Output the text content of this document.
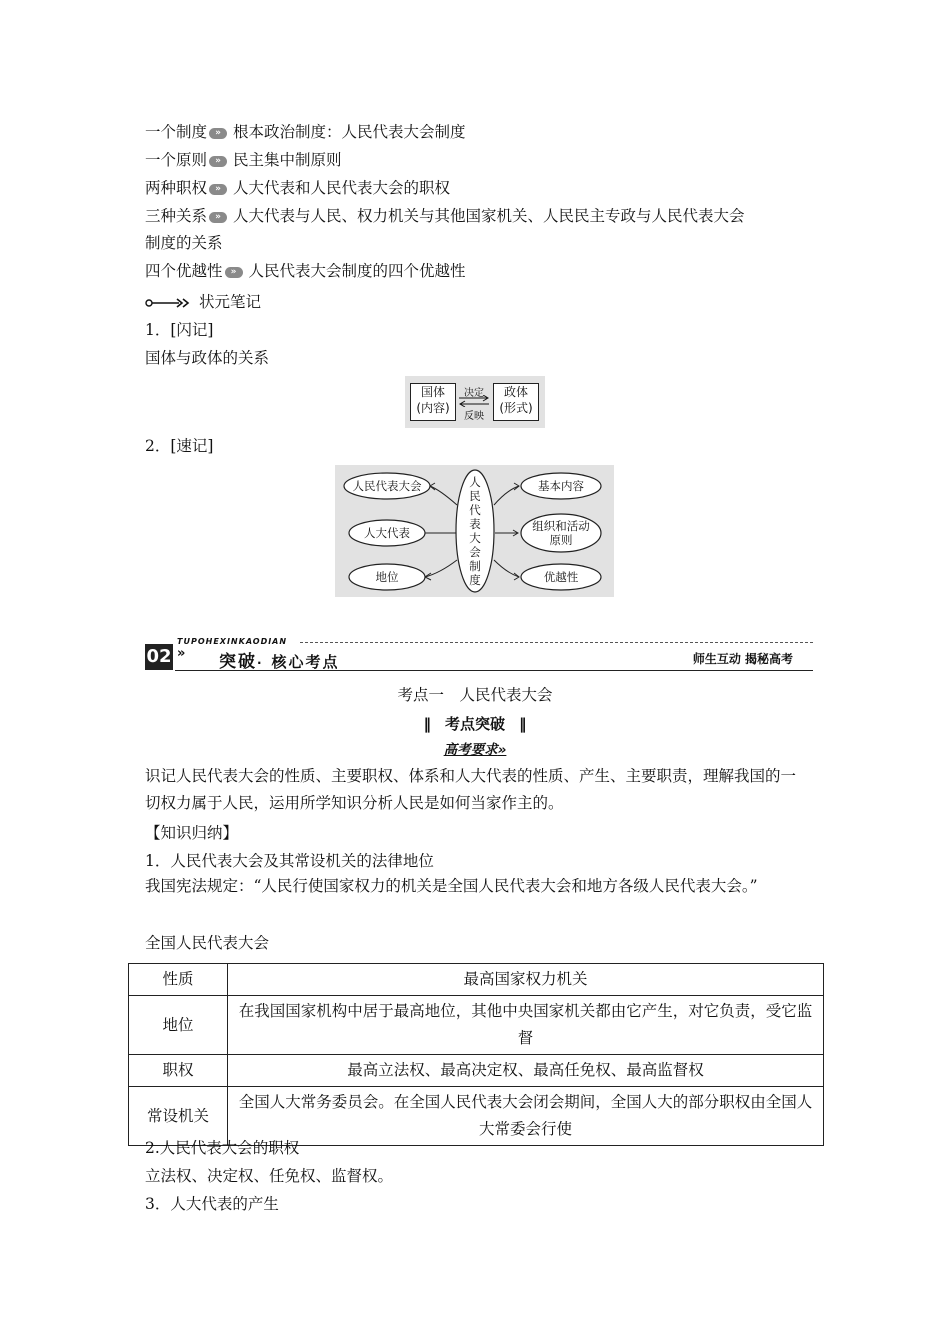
一个制度 » 根本政治制度：人民代表大会制度
一个原则 » 民主集中制原则
两种职权 » 人大代表和人民代表大会的职权
三种关系 » 人大代表与人民、权力机关与其他国家机关、人民民主专政与人民代表大会
制度的关系
四个优越性 » 人民代表大会制度的四个优越性
状元笔记
1．[闪记]
国体与政体的关系
国体
(内容)
决定
反映
政体
(形式)
2．[速记]
人民代表大会
人大代表
地位
人
民
代
表
大
会
制
度
基本内容
组织和活动原则
优越性
02 »
TUPOHEXINKAODIAN
突破· 核心考点	师生互动 揭秘高考
考点一　人民代表大会
‖ 考点突破 ‖
高考要求»
识记人民代表大会的性质、主要职权、体系和人大代表的性质、产生、主要职责，理解我国的一切权力属于人民，运用所学知识分析人民是如何当家作主的。
【知识归纳】
1．人民代表大会及其常设机关的法律地位
我国宪法规定：“人民行使国家权力的机关是全国人民代表大会和地方各级人民代表大会。”
全国人民代表大会
性质	最高国家权力机关
地位	在我国国家机构中居于最高地位，其他中央国家机关都由它产生，对它负责，受它监督
职权	最高立法权、最高决定权、最高任免权、最高监督权
常设机关	全国人大常务委员会。在全国人民代表大会闭会期间，全国人大的部分职权由全国人大常委会行使
2.人民代表大会的职权
立法权、决定权、任免权、监督权。
3．人大代表的产生
